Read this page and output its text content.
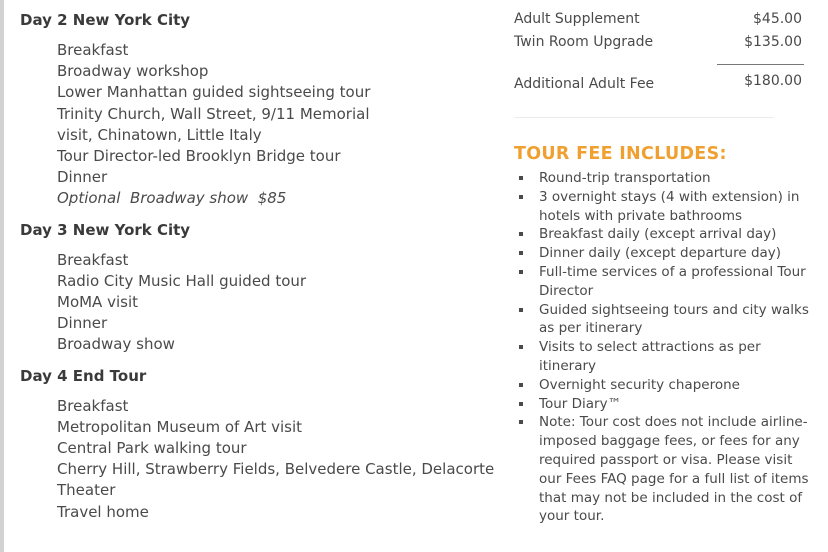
Day 2 New York City
Breakfast
Broadway workshop
Lower Manhattan guided sightseeing tour
Trinity Church, Wall Street, 9/11 Memorial visit, Chinatown, Little Italy
Tour Director-led Brooklyn Bridge tour
Dinner
Optional  Broadway show  $85
Day 3 New York City
Breakfast
Radio City Music Hall guided tour
MoMA visit
Dinner
Broadway show
Day 4 End Tour
Breakfast
Metropolitan Museum of Art visit
Central Park walking tour
Cherry Hill, Strawberry Fields, Belvedere Castle, Delacorte Theater
Travel home
Adult Supplement	$45.00
Twin Room Upgrade	$135.00
Additional Adult Fee	$180.00
TOUR FEE INCLUDES:
Round-trip transportation
3 overnight stays (4 with extension) in hotels with private bathrooms
Breakfast daily (except arrival day)
Dinner daily (except departure day)
Full-time services of a professional Tour Director
Guided sightseeing tours and city walks as per itinerary
Visits to select attractions as per itinerary
Overnight security chaperone
Tour Diary™
Note: Tour cost does not include airline-imposed baggage fees, or fees for any required passport or visa. Please visit our Fees FAQ page for a full list of items that may not be included in the cost of your tour.
